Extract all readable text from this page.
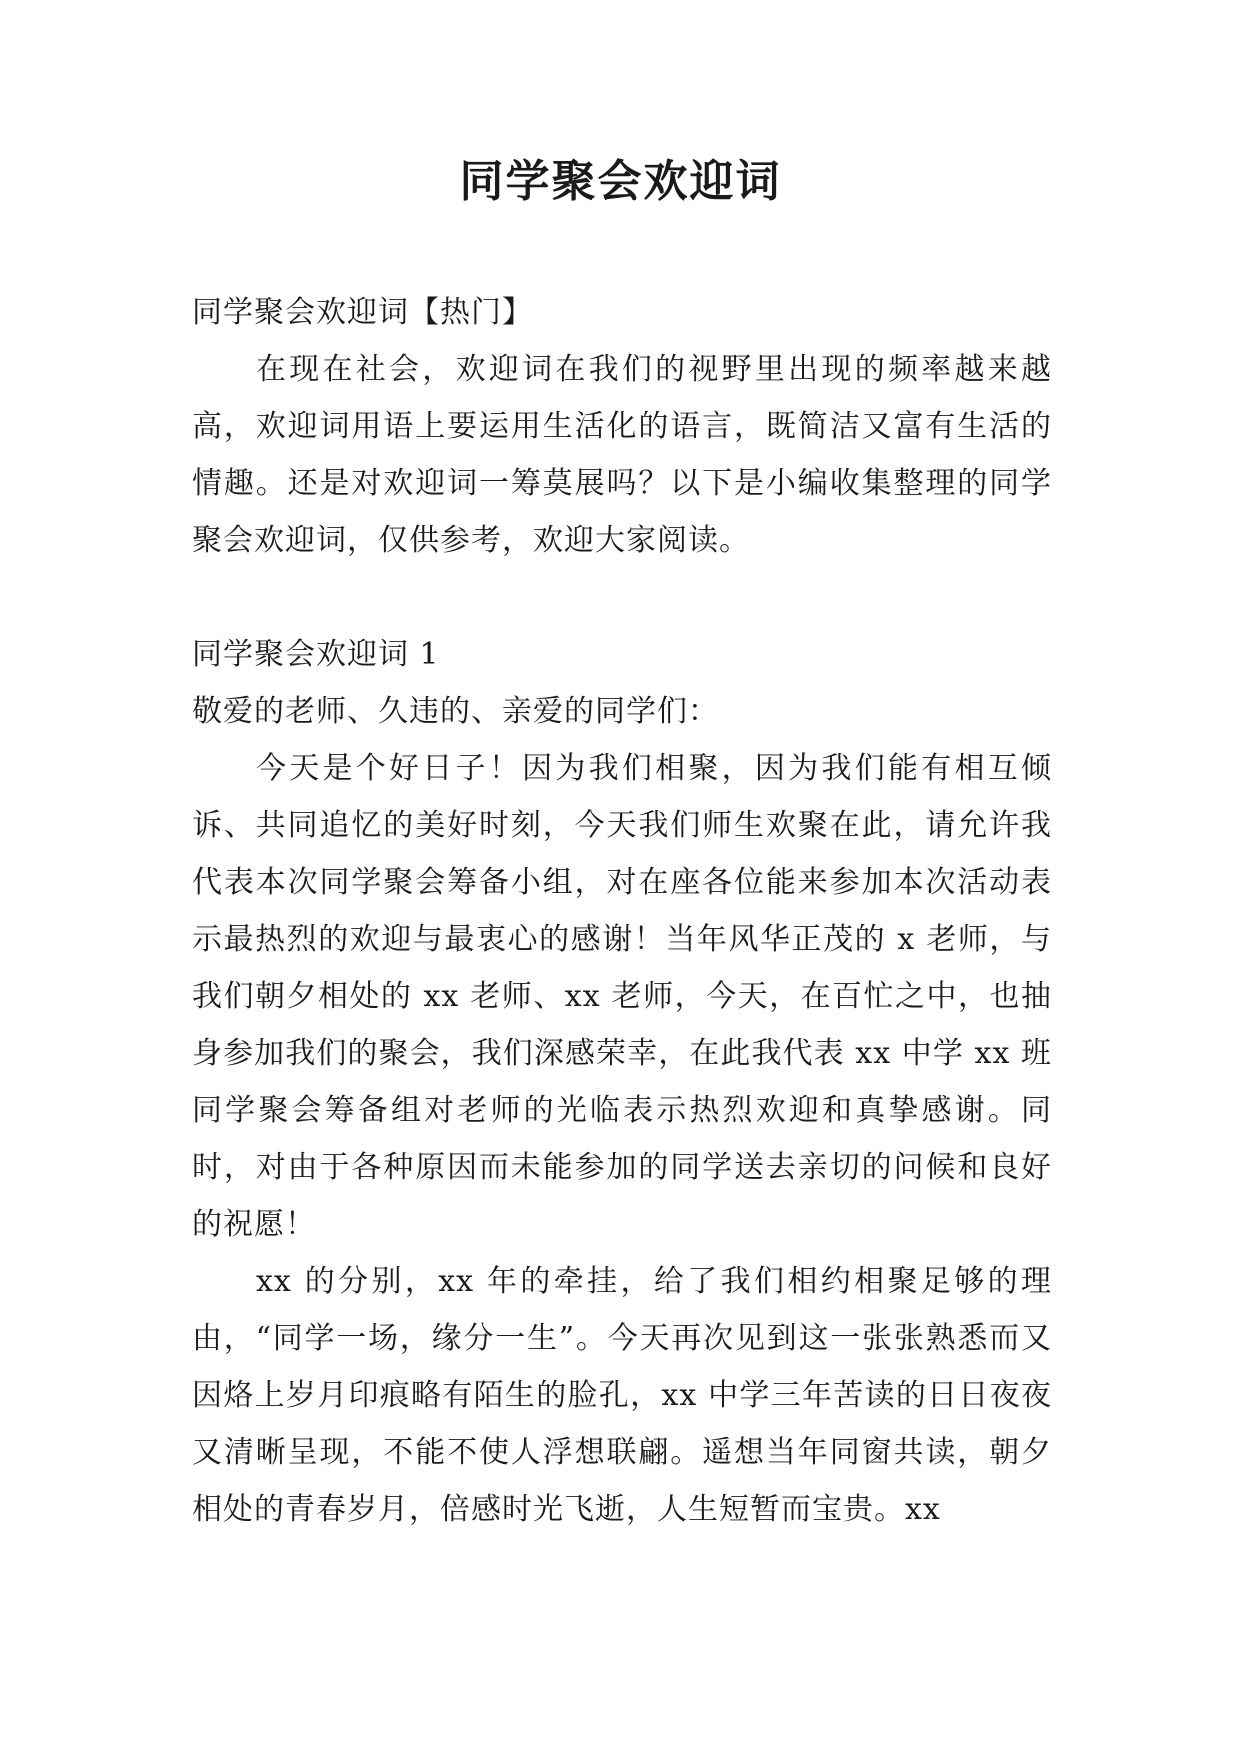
同学聚会欢迎词

同学聚会欢迎词【热门】

在现在社会，欢迎词在我们的视野里出现的频率越来越高，欢迎词用语上要运用生活化的语言，既简洁又富有生活的情趣。还是对欢迎词一筹莫展吗？以下是小编收集整理的同学聚会欢迎词，仅供参考，欢迎大家阅读。

同学聚会欢迎词 1

敬爱的老师、久违的、亲爱的同学们：

今天是个好日子！因为我们相聚，因为我们能有相互倾诉、共同追忆的美好时刻，今天我们师生欢聚在此，请允许我代表本次同学聚会筹备小组，对在座各位能来参加本次活动表示最热烈的欢迎与最衷心的感谢！当年风华正茂的 x 老师，与我们朝夕相处的 xx 老师、xx 老师，今天，在百忙之中，也抽身参加我们的聚会，我们深感荣幸，在此我代表 xx 中学 xx 班同学聚会筹备组对老师的光临表示热烈欢迎和真挚感谢。同时，对由于各种原因而未能参加的同学送去亲切的问候和良好的祝愿！

xx 的分别，xx 年的牵挂，给了我们相约相聚足够的理由，“同学一场，缘分一生”。今天再次见到这一张张熟悉而又因烙上岁月印痕略有陌生的脸孔，xx 中学三年苦读的日日夜夜又清晰呈现，不能不使人浮想联翩。遥想当年同窗共读，朝夕相处的青春岁月，倍感时光飞逝，人生短暂而宝贵。xx
